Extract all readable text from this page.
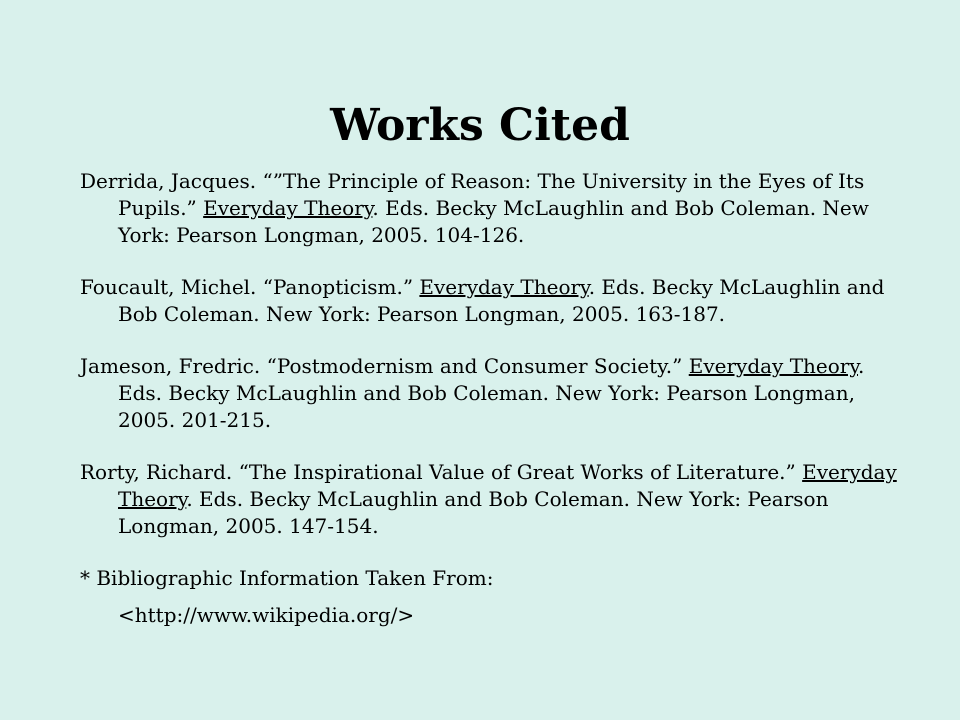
Works Cited

Derrida, Jacques. “”The Principle of Reason: The University in the Eyes of Its Pupils.” Everyday Theory. Eds. Becky McLaughlin and Bob Coleman. New York: Pearson Longman, 2005. 104-126.

Foucault, Michel. “Panopticism.” Everyday Theory. Eds. Becky McLaughlin and Bob Coleman. New York: Pearson Longman, 2005. 163-187.

Jameson, Fredric. “Postmodernism and Consumer Society.” Everyday Theory. Eds. Becky McLaughlin and Bob Coleman. New York: Pearson Longman, 2005. 201-215.

Rorty, Richard. “The Inspirational Value of Great Works of Literature.” Everyday Theory. Eds. Becky McLaughlin and Bob Coleman. New York: Pearson Longman, 2005. 147-154.

* Bibliographic Information Taken From:
<http://www.wikipedia.org/>
